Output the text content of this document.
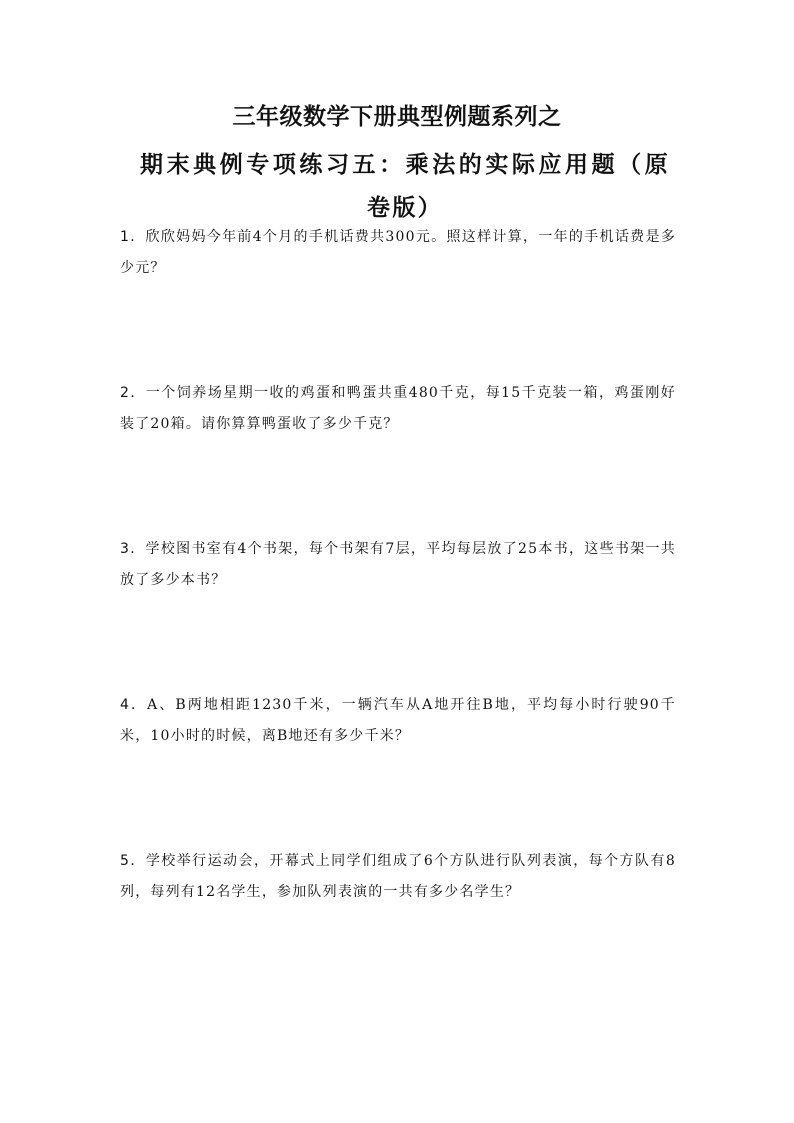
三年级数学下册典型例题系列之
期末典例专项练习五：乘法的实际应用题（原卷版）
1．欣欣妈妈今年前4个月的手机话费共300元。照这样计算，一年的手机话费是多少元？
2．一个饲养场星期一收的鸡蛋和鸭蛋共重480千克，每15千克装一箱，鸡蛋刚好装了20箱。请你算算鸭蛋收了多少千克？
3．学校图书室有4个书架，每个书架有7层，平均每层放了25本书，这些书架一共放了多少本书？
4．A、B两地相距1230千米，一辆汽车从A地开往B地，平均每小时行驶90千米，10小时的时候，离B地还有多少千米？
5．学校举行运动会，开幕式上同学们组成了6个方队进行队列表演，每个方队有8列，每列有12名学生，参加队列表演的一共有多少名学生？
